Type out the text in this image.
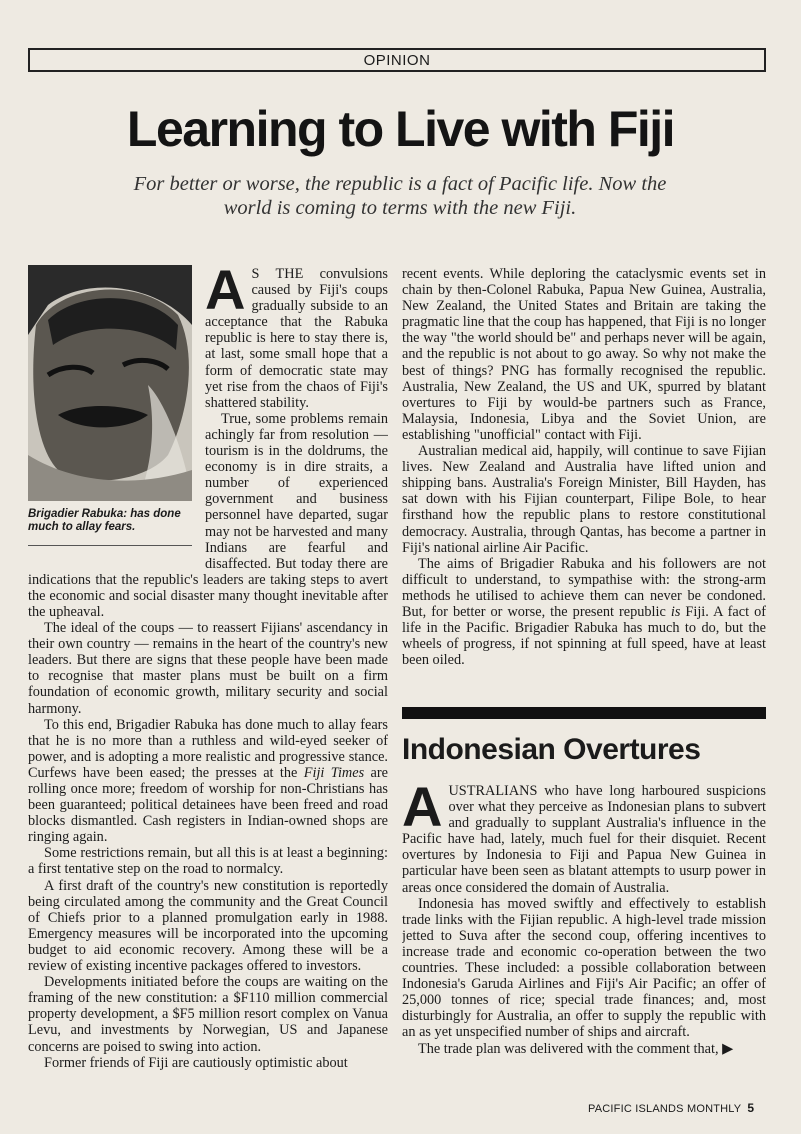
OPINION
Learning to Live with Fiji
For better or worse, the republic is a fact of Pacific life. Now the world is coming to terms with the new Fiji.
Brigadier Rabuka: has done much to allay fears.

A S THE convulsions caused by Fiji's coups gradually subside to an acceptance that the Rabuka republic is here to stay there is, at last, some small hope that a form of democratic state may yet rise from the chaos of Fiji's shattered stability.

True, some problems remain achingly far from resolution — tourism is in the doldrums, the economy is in dire straits, a number of experienced government and business personnel have departed, sugar may not be harvested and many Indians are fearful and disaffected. But today there are indications that the republic's leaders are taking steps to avert the economic and social disaster many thought inevitable after the upheaval.

The ideal of the coups — to reassert Fijians' ascendancy in their own country — remains in the heart of the country's new leaders. But there are signs that these people have been made to recognise that master plans must be built on a firm foundation of economic growth, military security and social harmony.

To this end, Brigadier Rabuka has done much to allay fears that he is no more than a ruthless and wild-eyed seeker of power, and is adopting a more realistic and progressive stance. Curfews have been eased; the presses at the Fiji Times are rolling once more; freedom of worship for non-Christians has been guaranteed; political detainees have been freed and road blocks dismantled. Cash registers in Indian-owned shops are ringing again.

Some restrictions remain, but all this is at least a beginning: a first tentative step on the road to normalcy.

A first draft of the country's new constitution is reportedly being circulated among the community and the Great Council of Chiefs prior to a planned promulgation early in 1988. Emergency measures will be incorporated into the upcoming budget to aid economic recovery. Among these will be a review of existing incentive packages offered to investors.

Developments initiated before the coups are waiting on the framing of the new constitution: a $F110 million commercial property development, a $F5 million resort complex on Vanua Levu, and investments by Norwegian, US and Japanese concerns are poised to swing into action.

Former friends of Fiji are cautiously optimistic about

recent events. While deploring the cataclysmic events set in chain by then-Colonel Rabuka, Papua New Guinea, Australia, New Zealand, the United States and Britain are taking the pragmatic line that the coup has happened, that Fiji is no longer the way "the world should be" and perhaps never will be again, and the republic is not about to go away. So why not make the best of things? PNG has formally recognised the republic. Australia, New Zealand, the US and UK, spurred by blatant overtures to Fiji by would-be partners such as France, Malaysia, Indonesia, Libya and the Soviet Union, are establishing "unofficial" contact with Fiji.

Australian medical aid, happily, will continue to save Fijian lives. New Zealand and Australia have lifted union and shipping bans. Australia's Foreign Minister, Bill Hayden, has sat down with his Fijian counterpart, Filipe Bole, to hear firsthand how the republic plans to restore constitutional democracy. Australia, through Qantas, has become a partner in Fiji's national airline Air Pacific.

The aims of Brigadier Rabuka and his followers are not difficult to understand, to sympathise with: the strong-arm methods he utilised to achieve them can never be condoned. But, for better or worse, the present republic is Fiji. A fact of life in the Pacific. Brigadier Rabuka has much to do, but the wheels of progress, if not spinning at full speed, have at least been oiled.

Indonesian Overtures

AUSTRALIANS who have long harboured suspicions over what they perceive as Indonesian plans to subvert and gradually to supplant Australia's influence in the Pacific have had, lately, much fuel for their disquiet. Recent overtures by Indonesia to Fiji and Papua New Guinea in particular have been seen as blatant attempts to usurp power in areas once considered the domain of Australia.

Indonesia has moved swiftly and effectively to establish trade links with the Fijian republic. A high-level trade mission jetted to Suva after the second coup, offering incentives to increase trade and economic co-operation between the two countries. These included: a possible collaboration between Indonesia's Garuda Airlines and Fiji's Air Pacific; an offer of 25,000 tonnes of rice; special trade finances; and, most disturbingly for Australia, an offer to supply the republic with an as yet unspecified number of ships and aircraft.

The trade plan was delivered with the comment that, ▶

PACIFIC ISLANDS MONTHLY 5
